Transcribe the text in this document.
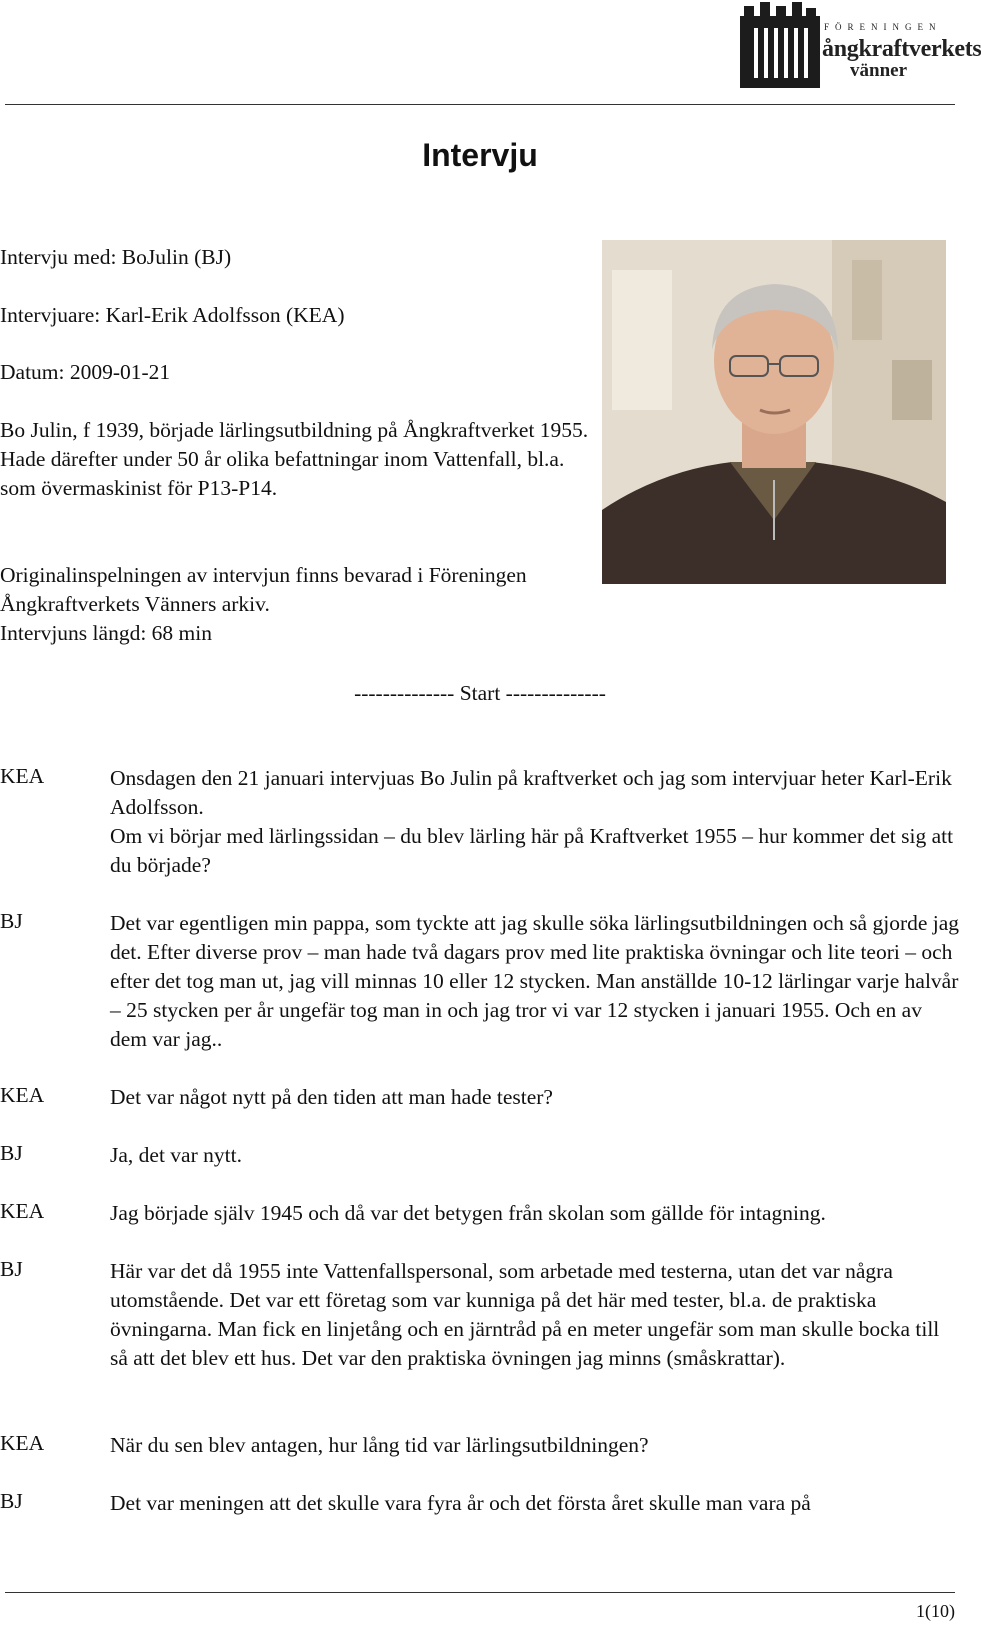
FÖRENINGEN
ångkraftverkets
vänner
Intervju
Intervju med: BoJulin (BJ)
Intervjuare: Karl-Erik Adolfsson (KEA)
Datum: 2009-01-21
Bo Julin, f 1939, började lärlingsutbildning på Ångkraftverket 1955. Hade därefter under 50 år olika befattningar inom Vattenfall, bl.a. som övermaskinist för P13-P14.
Originalinspelningen av intervjun finns bevarad i Föreningen Ångkraftverkets Vänners arkiv.
Intervjuns längd: 68 min
-------------- Start --------------
KEA	Onsdagen den 21 januari intervjuas Bo Julin på kraftverket och jag som intervjuar heter Karl-Erik Adolfsson.
Om vi börjar med lärlingssidan – du blev lärling här på Kraftverket 1955 – hur kommer det sig att du började?
BJ	Det var egentligen min pappa, som tyckte att jag skulle söka lärlingsutbildningen och så gjorde jag det. Efter diverse prov – man hade två dagars prov med lite praktiska övningar och lite teori – och efter det tog man ut, jag vill minnas 10 eller 12 stycken. Man anställde 10-12 lärlingar varje halvår – 25 stycken per år ungefär tog man in och jag tror vi var 12 stycken i januari 1955. Och en av dem var jag..
KEA	Det var något nytt på den tiden att man hade tester?
BJ	Ja, det var nytt.
KEA	Jag började själv 1945 och då var det betygen från skolan som gällde för intagning.
BJ	Här var det då 1955 inte Vattenfallspersonal, som arbetade med testerna, utan det var några utomstående. Det var ett företag som var kunniga på det här med tester, bl.a. de praktiska övningarna. Man fick en linjetång och en järntråd på en meter ungefär som man skulle bocka till så att det blev ett hus. Det var den praktiska övningen jag minns (småskrattar).
KEA	När du sen blev antagen, hur lång tid var lärlingsutbildningen?
BJ	Det var meningen att det skulle vara fyra år och det första året skulle man vara på
1(10)
